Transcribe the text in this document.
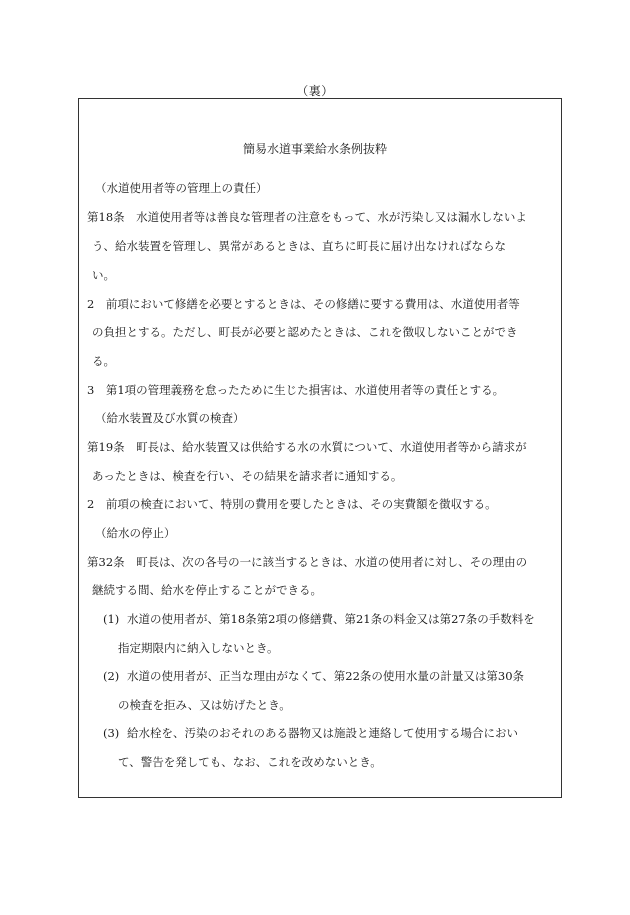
（裏）
簡易水道事業給水条例抜粋
（水道使用者等の管理上の責任）
第18条　水道使用者等は善良な管理者の注意をもって、水が汚染し又は漏水しないよ
う、給水装置を管理し、異常があるときは、直ちに町長に届け出なければならな
い。
2　前項において修繕を必要とするときは、その修繕に要する費用は、水道使用者等
の負担とする。ただし、町長が必要と認めたときは、これを徴収しないことができ
る。
3　第1項の管理義務を怠ったために生じた損害は、水道使用者等の責任とする。
（給水装置及び水質の検査）
第19条　町長は、給水装置又は供給する水の水質について、水道使用者等から請求が
あったときは、検査を行い、その結果を請求者に通知する。
2　前項の検査において、特別の費用を要したときは、その実費額を徴収する。
（給水の停止）
第32条　町長は、次の各号の一に該当するときは、水道の使用者に対し、その理由の
継続する間、給水を停止することができる。
(1) 水道の使用者が、第18条第2項の修繕費、第21条の料金又は第27条の手数料を
指定期限内に納入しないとき。
(2) 水道の使用者が、正当な理由がなくて、第22条の使用水量の計量又は第30条
の検査を拒み、又は妨げたとき。
(3) 給水栓を、汚染のおそれのある器物又は施設と連絡して使用する場合におい
て、警告を発しても、なお、これを改めないとき。
